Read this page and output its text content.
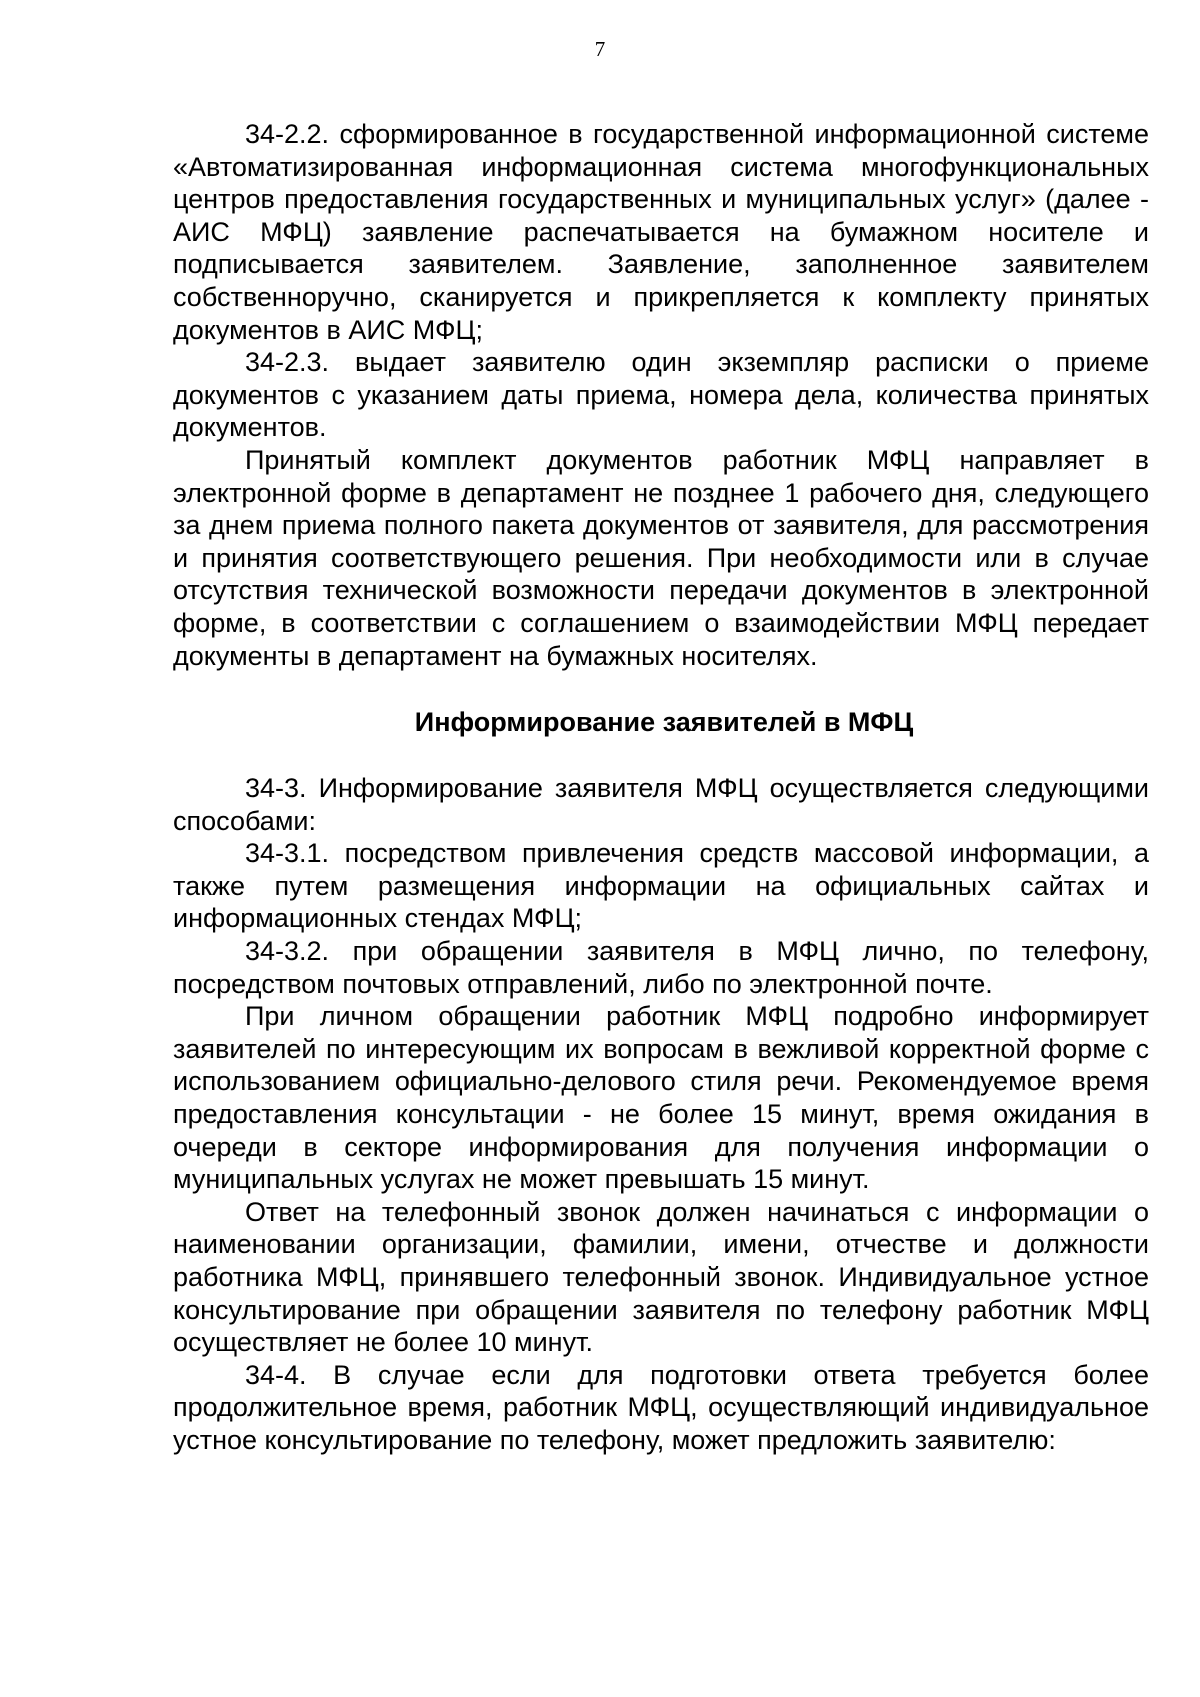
7

34-2.2. сформированное в государственной информационной системе «Автоматизированная информационная система многофункциональных центров предоставления государственных и муниципальных услуг» (далее - АИС МФЦ) заявление распечатывается на бумажном носителе и подписывается заявителем. Заявление, заполненное заявителем собственноручно, сканируется и прикрепляется к комплекту принятых документов в АИС МФЦ;

34-2.3. выдает заявителю один экземпляр расписки о приеме документов с указанием даты приема, номера дела, количества принятых документов.

Принятый комплект документов работник МФЦ направляет в электронной форме в департамент не позднее 1 рабочего дня, следующего за днем приема полного пакета документов от заявителя, для рассмотрения и принятия соответствующего решения. При необходимости или в случае отсутствия технической возможности передачи документов в электронной форме, в соответствии с соглашением о взаимодействии МФЦ передает документы в департамент на бумажных носителях.

Информирование заявителей в МФЦ

34-3. Информирование заявителя МФЦ осуществляется следующими способами:

34-3.1. посредством привлечения средств массовой информации, а также путем размещения информации на официальных сайтах и информационных стендах МФЦ;

34-3.2. при обращении заявителя в МФЦ лично, по телефону, посредством почтовых отправлений, либо по электронной почте.

При личном обращении работник МФЦ подробно информирует заявителей по интересующим их вопросам в вежливой корректной форме с использованием официально-делового стиля речи. Рекомендуемое время предоставления консультации - не более 15 минут, время ожидания в очереди в секторе информирования для получения информации о муниципальных услугах не может превышать 15 минут.

Ответ на телефонный звонок должен начинаться с информации о наименовании организации, фамилии, имени, отчестве и должности работника МФЦ, принявшего телефонный звонок. Индивидуальное устное консультирование при обращении заявителя по телефону работник МФЦ осуществляет не более 10 минут.

34-4. В случае если для подготовки ответа требуется более продолжительное время, работник МФЦ, осуществляющий индивидуальное устное консультирование по телефону, может предложить заявителю:
